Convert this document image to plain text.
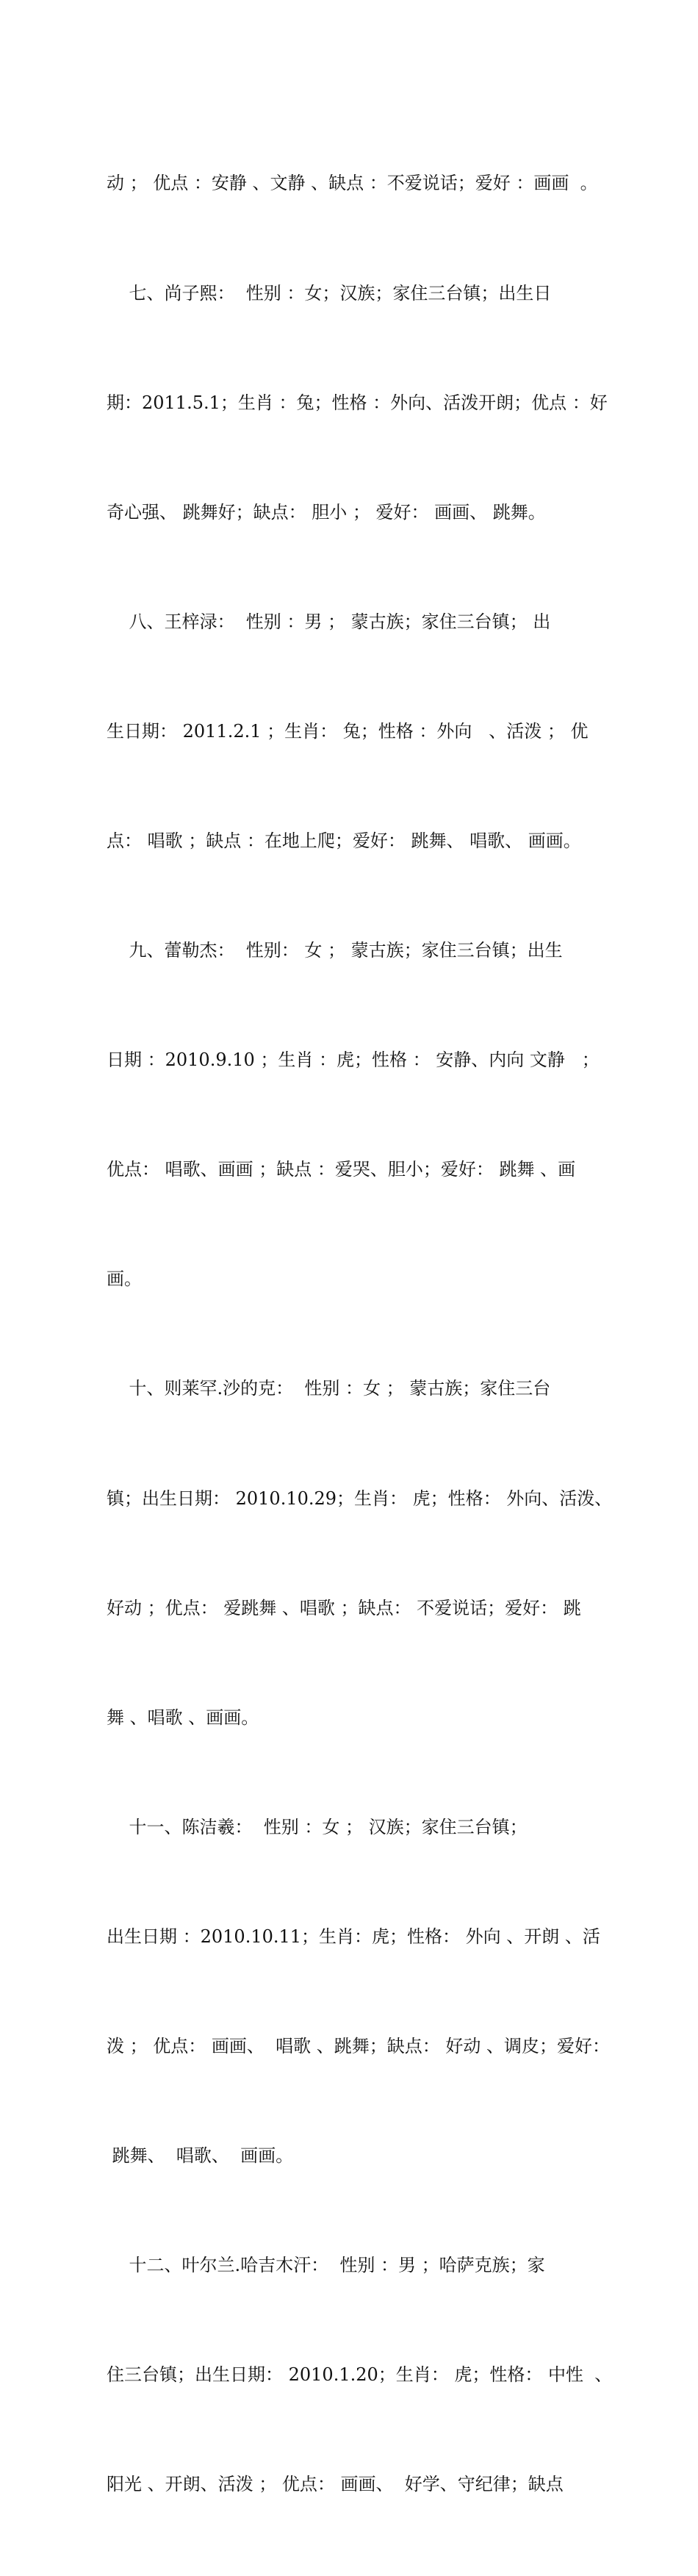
动 ； 优点 ：安静 、文静 、缺点 ：不爱说话；爱好 ：画画  。

七、尚子熙：  性别 ：女；汉族；家住三台镇；出生日

期：2011.5.1；生肖 ：兔；性格 ：外向、活泼开朗；优点 ：好

奇心强、 跳舞好；缺点： 胆小 ； 爱好： 画画、 跳舞。

八、王梓渌：  性别 ：男 ； 蒙古族；家住三台镇； 出

生日期： 2011.2.1 ；生肖： 兔；性格 ：外向   、活泼 ； 优

点： 唱歌 ；缺点 ：在地上爬；爱好： 跳舞、 唱歌、 画画。

九、蕾勒杰：  性别： 女 ； 蒙古族；家住三台镇；出生

日期 ：2010.9.10 ；生肖 ：虎；性格 ： 安静、内向 文静   ；

优点： 唱歌、画画 ；缺点 ：爱哭、胆小；爱好： 跳舞 、画

画。

十、则莱罕.沙的克：  性别 ：女 ； 蒙古族；家住三台

镇；出生日期： 2010.10.29；生肖： 虎；性格： 外向、活泼、

好动 ；优点： 爱跳舞 、唱歌 ；缺点： 不爱说话；爱好： 跳

舞 、唱歌 、画画。

十一、陈洁羲：  性别 ：女 ； 汉族；家住三台镇；

出生日期 ：2010.10.11；生肖：虎；性格： 外向 、开朗 、活

泼 ； 优点： 画画、  唱歌 、跳舞；缺点： 好动 、调皮；爱好：

跳舞、  唱歌、  画画。

十二、叶尔兰.哈吉木汗：  性别 ：男 ；哈萨克族；家

住三台镇；出生日期： 2010.1.20；生肖： 虎；性格： 中性  、

阳光 、开朗、活泼 ； 优点： 画画、  好学、守纪律；缺点
